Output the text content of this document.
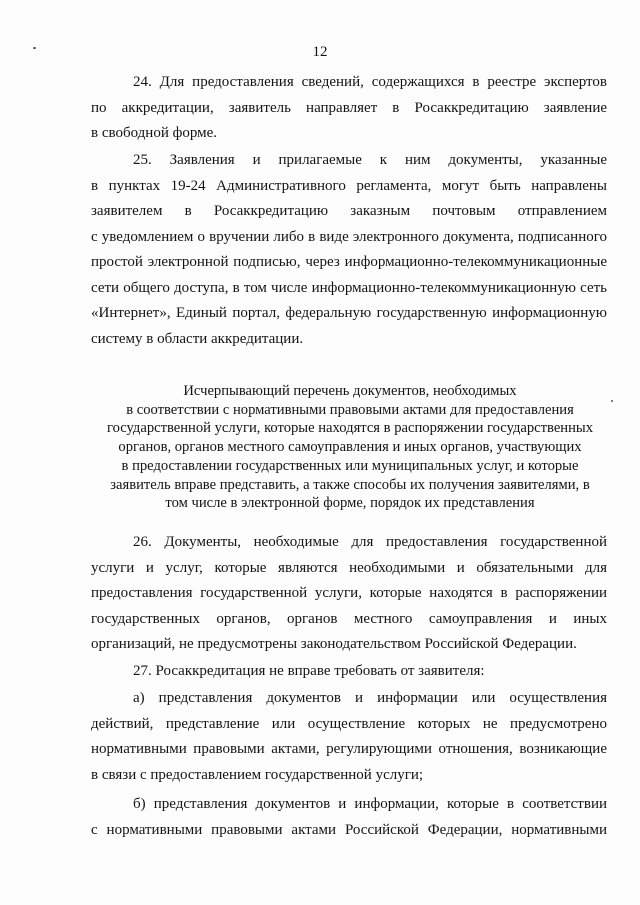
12
24. Для предоставления сведений, содержащихся в реестре экспертов
по аккредитации, заявитель направляет в Росаккредитацию заявление
в свободной форме.
25. Заявления и прилагаемые к ним документы, указанные
в пунктах 19-24 Административного регламента, могут быть направлены
заявителем в Росаккредитацию заказным почтовым отправлением
с уведомлением о вручении либо в виде электронного документа, подписанного
простой электронной подписью, через информационно-телекоммуникационные
сети общего доступа, в том числе информационно-телекоммуникационную сеть
«Интернет», Единый портал, федеральную государственную информационную
систему в области аккредитации.
Исчерпывающий перечень документов, необходимых
в соответствии с нормативными правовыми актами для предоставления
государственной услуги, которые находятся в распоряжении государственных
органов, органов местного самоуправления и иных органов, участвующих
в предоставлении государственных или муниципальных услуг, и которые
заявитель вправе представить, а также способы их получения заявителями, в
том числе в электронной форме, порядок их представления
26. Документы, необходимые для предоставления государственной
услуги и услуг, которые являются необходимыми и обязательными для
предоставления государственной услуги, которые находятся в распоряжении
государственных органов, органов местного самоуправления и иных
организаций, не предусмотрены законодательством Российской Федерации.
27. Росаккредитация не вправе требовать от заявителя:
а) представления документов и информации или осуществления
действий, представление или осуществление которых не предусмотрено
нормативными правовыми актами, регулирующими отношения, возникающие
в связи с предоставлением государственной услуги;
б) представления документов и информации, которые в соответствии
с нормативными правовыми актами Российской Федерации, нормативными
